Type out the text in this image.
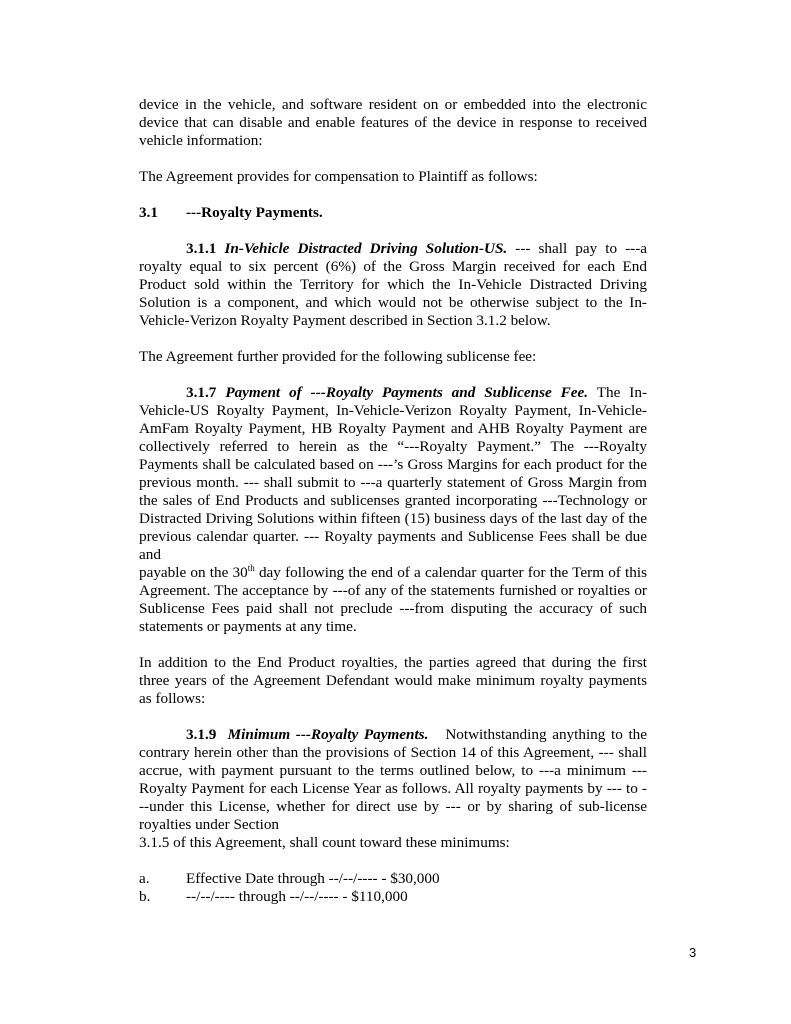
device in the vehicle, and software resident on or embedded into the electronic device that can disable and enable features of the device in response to received vehicle information:

The Agreement provides for compensation to Plaintiff as follows:

3.1 ---Royalty Payments.

3.1.1 In-Vehicle Distracted Driving Solution-US. --- shall pay to ---a royalty equal to six percent (6%) of the Gross Margin received for each End Product sold within the Territory for which the In-Vehicle Distracted Driving Solution is a component, and which would not be otherwise subject to the In-Vehicle-Verizon Royalty Payment described in Section 3.1.2 below.

The Agreement further provided for the following sublicense fee:

3.1.7 Payment of ---Royalty Payments and Sublicense Fee. The In-Vehicle-US Royalty Payment, In-Vehicle-Verizon Royalty Payment, In-Vehicle-AmFam Royalty Payment, HB Royalty Payment and AHB Royalty Payment are collectively referred to herein as the “---Royalty Payment.” The ---Royalty Payments shall be calculated based on ---’s Gross Margins for each product for the previous month. --- shall submit to ---a quarterly statement of Gross Margin from the sales of End Products and sublicenses granted incorporating ---Technology or Distracted Driving Solutions within fifteen (15) business days of the last day of the previous calendar quarter. --- Royalty payments and Sublicense Fees shall be due and

payable on the 30th day following the end of a calendar quarter for the Term of this Agreement. The acceptance by ---of any of the statements furnished or royalties or Sublicense Fees paid shall not preclude ---from disputing the accuracy of such statements or payments at any time.

In addition to the End Product royalties, the parties agreed that during the first three years of the Agreement Defendant would make minimum royalty payments as follows:

3.1.9 Minimum ---Royalty Payments. Notwithstanding anything to the contrary herein other than the provisions of Section 14 of this Agreement, --- shall accrue, with payment pursuant to the terms outlined below, to ---a minimum ---Royalty Payment for each License Year as follows. All royalty payments by --- to ---under this License, whether for direct use by --- or by sharing of sub-license royalties under Section

3.1.5 of this Agreement, shall count toward these minimums:

a. Effective Date through --/--/---- - $30,000

b. --/--/---- through --/--/---- - $110,000

3
